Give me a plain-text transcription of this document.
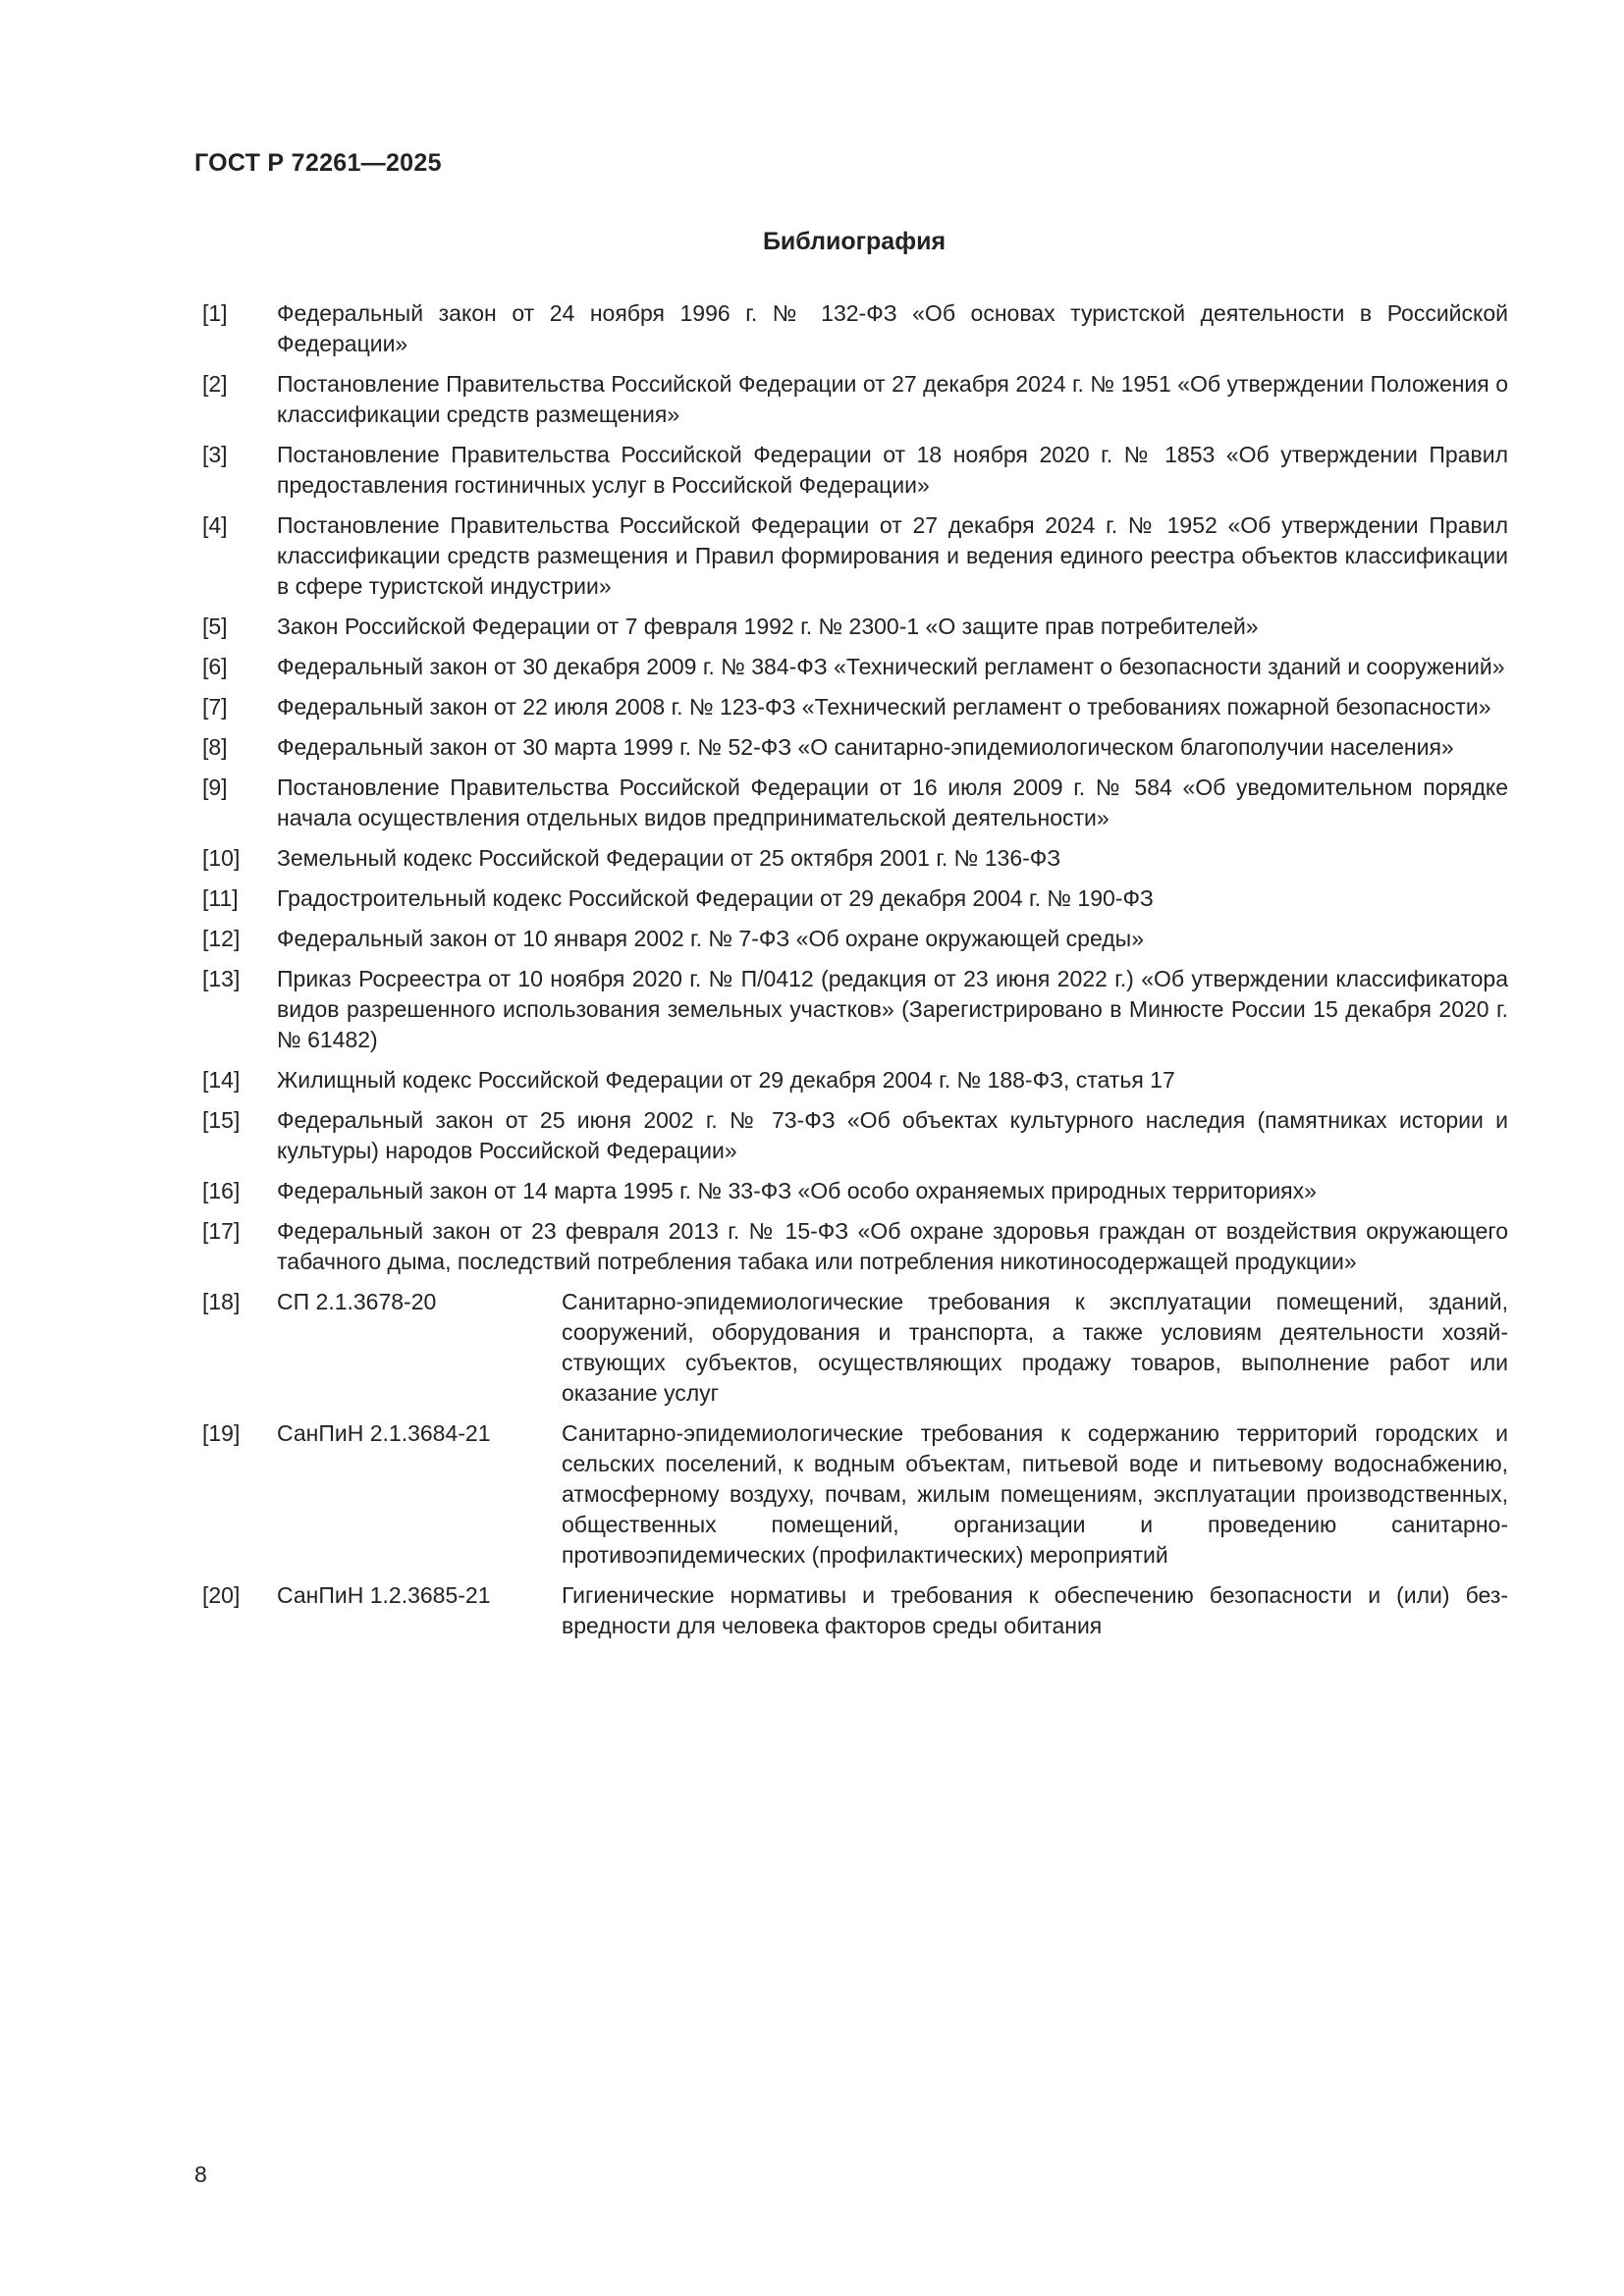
ГОСТ Р 72261—2025
Библиография
[1]	Федеральный закон от 24 ноября 1996 г. № 132-ФЗ «Об основах туристской деятельности в Российской Федерации»
[2]	Постановление Правительства Российской Федерации от 27 декабря 2024 г. № 1951 «Об утверждении Положения о классификации средств размещения»
[3]	Постановление Правительства Российской Федерации от 18 ноября 2020 г. № 1853 «Об утверждении Правил предоставления гостиничных услуг в Российской Федерации»
[4]	Постановление Правительства Российской Федерации от 27 декабря 2024 г. № 1952 «Об утверждении Правил классификации средств размещения и Правил формирования и ведения единого реестра объектов классификации в сфере туристской индустрии»
[5]	Закон Российской Федерации от 7 февраля 1992 г. № 2300-1 «О защите прав потребителей»
[6]	Федеральный закон от 30 декабря 2009 г. № 384-ФЗ «Технический регламент о безопасности зданий и сооружений»
[7]	Федеральный закон от 22 июля 2008 г. № 123-ФЗ «Технический регламент о требованиях пожарной безопасности»
[8]	Федеральный закон от 30 марта 1999 г. № 52-ФЗ «О санитарно-эпидемиологическом благополучии населения»
[9]	Постановление Правительства Российской Федерации от 16 июля 2009 г. № 584 «Об уведомительном порядке начала осуществления отдельных видов предпринимательской деятельности»
[10]	Земельный кодекс Российской Федерации от 25 октября 2001 г. № 136-ФЗ
[11]	Градостроительный кодекс Российской Федерации от 29 декабря 2004 г. № 190-ФЗ
[12]	Федеральный закон от 10 января 2002 г. № 7-ФЗ «Об охране окружающей среды»
[13]	Приказ Росреестра от 10 ноября 2020 г. № П/0412 (редакция от 23 июня 2022 г.) «Об утверждении классификатора видов разрешенного использования земельных участков» (Зарегистрировано в Минюсте России 15 декабря 2020 г. № 61482)
[14]	Жилищный кодекс Российской Федерации от 29 декабря 2004 г. № 188-ФЗ, статья 17
[15]	Федеральный закон от 25 июня 2002 г. № 73-ФЗ «Об объектах культурного наследия (памятниках истории и культуры) народов Российской Федерации»
[16]	Федеральный закон от 14 марта 1995 г. № 33-ФЗ «Об особо охраняемых природных территориях»
[17]	Федеральный закон от 23 февраля 2013 г. № 15-ФЗ «Об охране здоровья граждан от воздействия окружающего табачного дыма, последствий потребления табака или потребления никотиносодержащей продукции»
[18]	СП 2.1.3678-20	Санитарно-эпидемиологические требования к эксплуатации помещений, зданий, сооружений, оборудования и транспорта, а также условиям деятельности хозяйствующих субъектов, осуществляющих продажу товаров, выполнение работ или оказание услуг
[19]	СанПиН 2.1.3684-21	Санитарно-эпидемиологические требования к содержанию территорий городских и сельских поселений, к водным объектам, питьевой воде и питьевому водоснабжению, атмосферному воздуху, почвам, жилым помещениям, эксплуатации производственных, общественных помещений, организации и проведению санитарно-противоэпидемических (профилактических) мероприятий
[20]	СанПиН 1.2.3685-21	Гигиенические нормативы и требования к обеспечению безопасности и (или) безвредности для человека факторов среды обитания
8
